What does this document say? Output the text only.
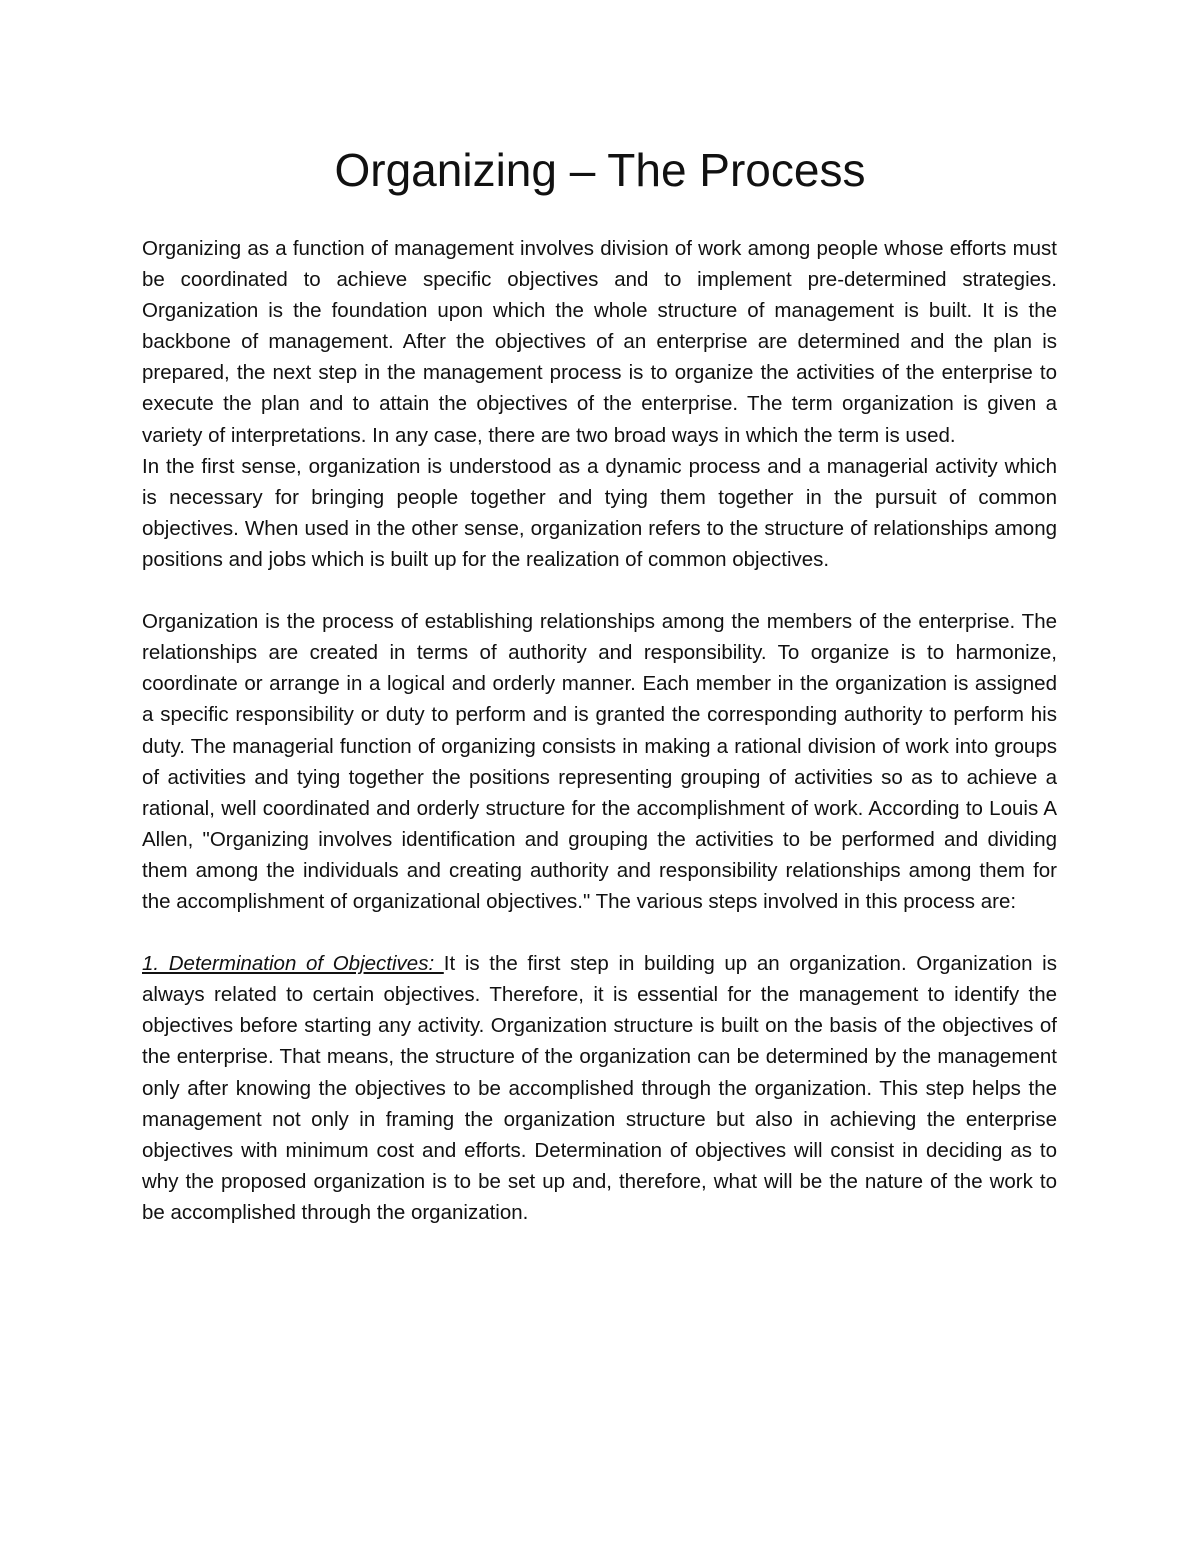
Organizing – The Process

Organizing as a function of management involves division of work among people whose efforts must be coordinated to achieve specific objectives and to implement pre-determined strategies. Organization is the foundation upon which the whole structure of management is built. It is the backbone of management. After the objectives of an enterprise are determined and the plan is prepared, the next step in the management process is to organize the activities of the enterprise to execute the plan and to attain the objectives of the enterprise. The term organization is given a variety of interpretations. In any case, there are two broad ways in which the term is used.

In the first sense, organization is understood as a dynamic process and a managerial activity which is necessary for bringing people together and tying them together in the pursuit of common objectives. When used in the other sense, organization refers to the structure of relationships among positions and jobs which is built up for the realization of common objectives.

Organization is the process of establishing relationships among the members of the enterprise. The relationships are created in terms of authority and responsibility. To organize is to harmonize, coordinate or arrange in a logical and orderly manner. Each member in the organization is assigned a specific responsibility or duty to perform and is granted the corresponding authority to perform his duty. The managerial function of organizing consists in making a rational division of work into groups of activities and tying together the positions representing grouping of activities so as to achieve a rational, well coordinated and orderly structure for the accomplishment of work. According to Louis A Allen, "Organizing involves identification and grouping the activities to be performed and dividing them among the individuals and creating authority and responsibility relationships among them for the accomplishment of organizational objectives." The various steps involved in this process are:

1. Determination of Objectives: It is the first step in building up an organization. Organization is always related to certain objectives. Therefore, it is essential for the management to identify the objectives before starting any activity. Organization structure is built on the basis of the objectives of the enterprise. That means, the structure of the organization can be determined by the management only after knowing the objectives to be accomplished through the organization. This step helps the management not only in framing the organization structure but also in achieving the enterprise objectives with minimum cost and efforts. Determination of objectives will consist in deciding as to why the proposed organization is to be set up and, therefore, what will be the nature of the work to be accomplished through the organization.
